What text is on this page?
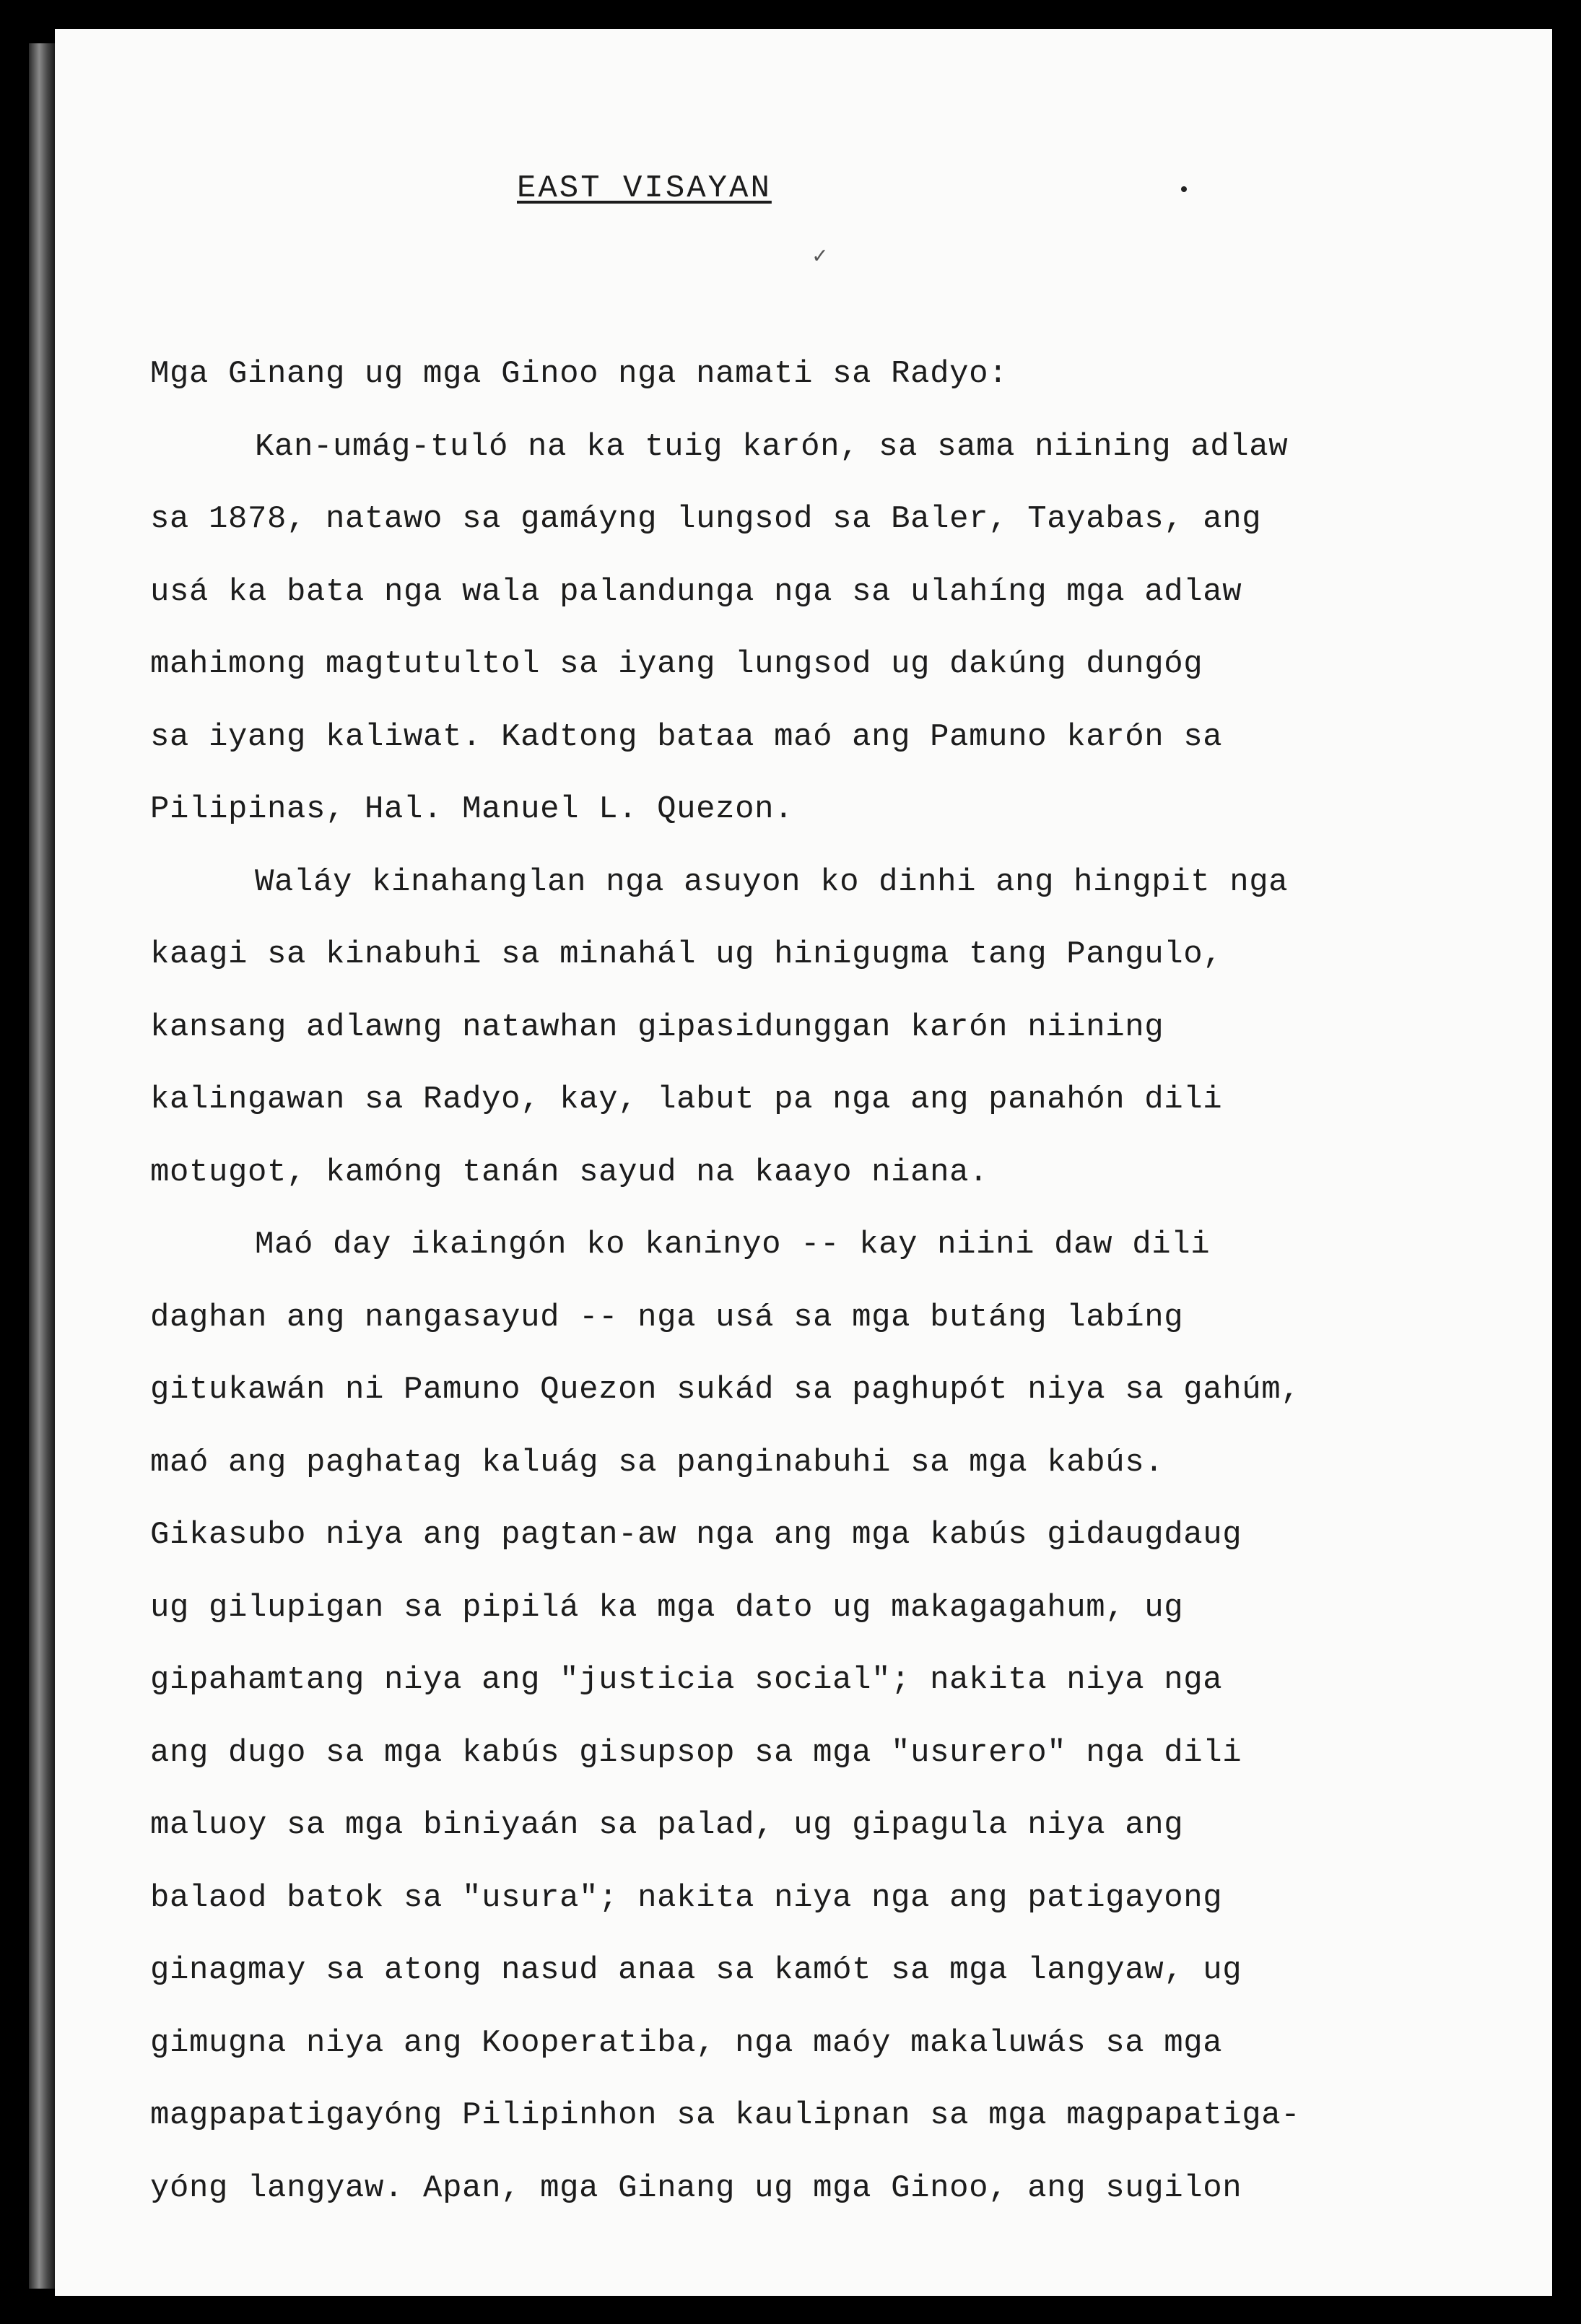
EAST VISAYAN
✓
Mga Ginang ug mga Ginoo nga namati sa Radyo:
Kan-umág-tuló na ka tuig karón, sa sama niining adlaw
sa 1878, natawo sa gamáyng lungsod sa Baler, Tayabas, ang
usá ka bata nga wala palandunga nga sa ulahíng mga adlaw
mahimong magtutultol sa iyang lungsod ug dakúng dungóg
sa iyang kaliwat. Kadtong bataa maó ang Pamuno karón sa
Pilipinas, Hal. Manuel L. Quezon.
Waláy kinahanglan nga asuyon ko dinhi ang hingpit nga
kaagi sa kinabuhi sa minahál ug hinigugma tang Pangulo,
kansang adlawng natawhan gipasidunggan karón niining
kalingawan sa Radyo, kay, labut pa nga ang panahón dili
motugot, kamóng tanán sayud na kaayo niana.
Maó day ikaingón ko kaninyo -- kay niini daw dili
daghan ang nangasayud -- nga usá sa mga butáng labíng
gitukawán ni Pamuno Quezon sukád sa paghupót niya sa gahúm,
maó ang paghatag kaluág sa panginabuhi sa mga kabús.
Gikasubo niya ang pagtan-aw nga ang mga kabús gidaugdaug
ug gilupigan sa pipilá ka mga dato ug makagagahum, ug
gipahamtang niya ang "justicia social"; nakita niya nga
ang dugo sa mga kabús gisupsop sa mga "usurero" nga dili
maluoy sa mga biniyaán sa palad, ug gipagula niya ang
balaod batok sa "usura"; nakita niya nga ang patigayong
ginagmay sa atong nasud anaa sa kamót sa mga langyaw, ug
gimugna niya ang Kooperatiba, nga maóy makaluwás sa mga
magpapatigayóng Pilipinhon sa kaulipnan sa mga magpapatiga-
yóng langyaw. Apan, mga Ginang ug mga Ginoo, ang sugilon
